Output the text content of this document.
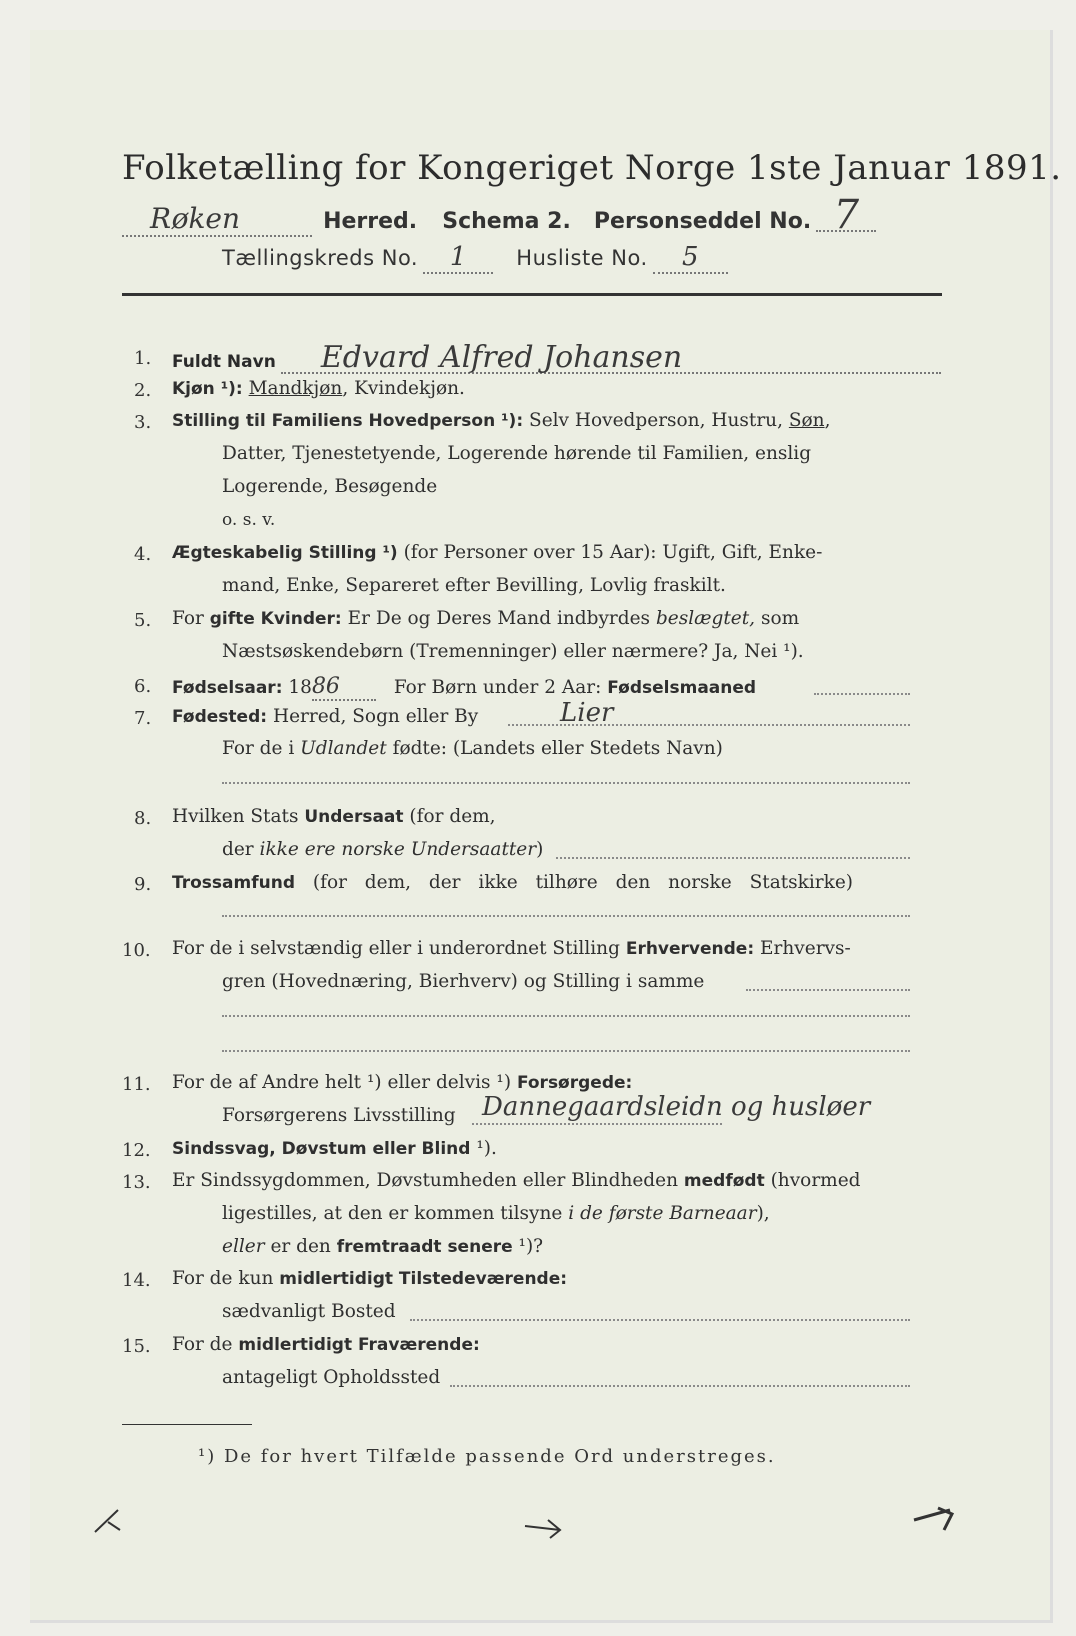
Folketælling for Kongeriget Norge 1ste Januar 1891.
Røken	Herred. Schema 2. Personseddel No. 7
Tællingskreds No. 1 Husliste No. 5
1. Fuldt Navn Edvard Alfred Johansen
2. Kjøn ¹): Mandkjøn, Kvindekjøn.
3. Stilling til Familiens Hovedperson ¹): Selv Hovedperson, Hustru, Søn,
Datter, Tjenestetyende, Logerende hørende til Familien, enslig
Logerende, Besøgende
o. s. v.
4. Ægteskabelig Stilling ¹) (for Personer over 15 Aar): Ugift, Gift, Enke-
mand, Enke, Separeret efter Bevilling, Lovlig fraskilt.
5. For gifte Kvinder: Er De og Deres Mand indbyrdes beslægtet, som
Næstsøskendebørn (Tremenninger) eller nærmere? Ja, Nei ¹).
6. Fødselsaar: 1886	For Børn under 2 Aar: Fødselsmaaned
7. Fødested: Herred, Sogn eller By	Lier
For de i Udlandet fødte: (Landets eller Stedets Navn)
8. Hvilken Stats Undersaat (for dem,
der ikke ere norske Undersaatter)
9. Trossamfund (for dem, der ikke tilhøre den norske Statskirke)
10. For de i selvstændig eller i underordnet Stilling Erhvervende: Erhvervs-
gren (Hovednæring, Bierhverv) og Stilling i samme
11. For de af Andre helt ¹) eller delvis ¹) Forsørgede:
Forsørgerens Livsstilling Dannegaardsleidn og husløer
12. Sindssvag, Døvstum eller Blind ¹).
13. Er Sindssygdommen, Døvstumheden eller Blindheden medfødt (hvormed
ligestilles, at den er kommen tilsyne i de første Barneaar),
eller er den fremtraadt senere ¹)?
14. For de kun midlertidigt Tilstedeværende:
sædvanligt Bosted
15. For de midlertidigt Fraværende:
antageligt Opholdssted
¹) De for hvert Tilfælde passende Ord understreges.
